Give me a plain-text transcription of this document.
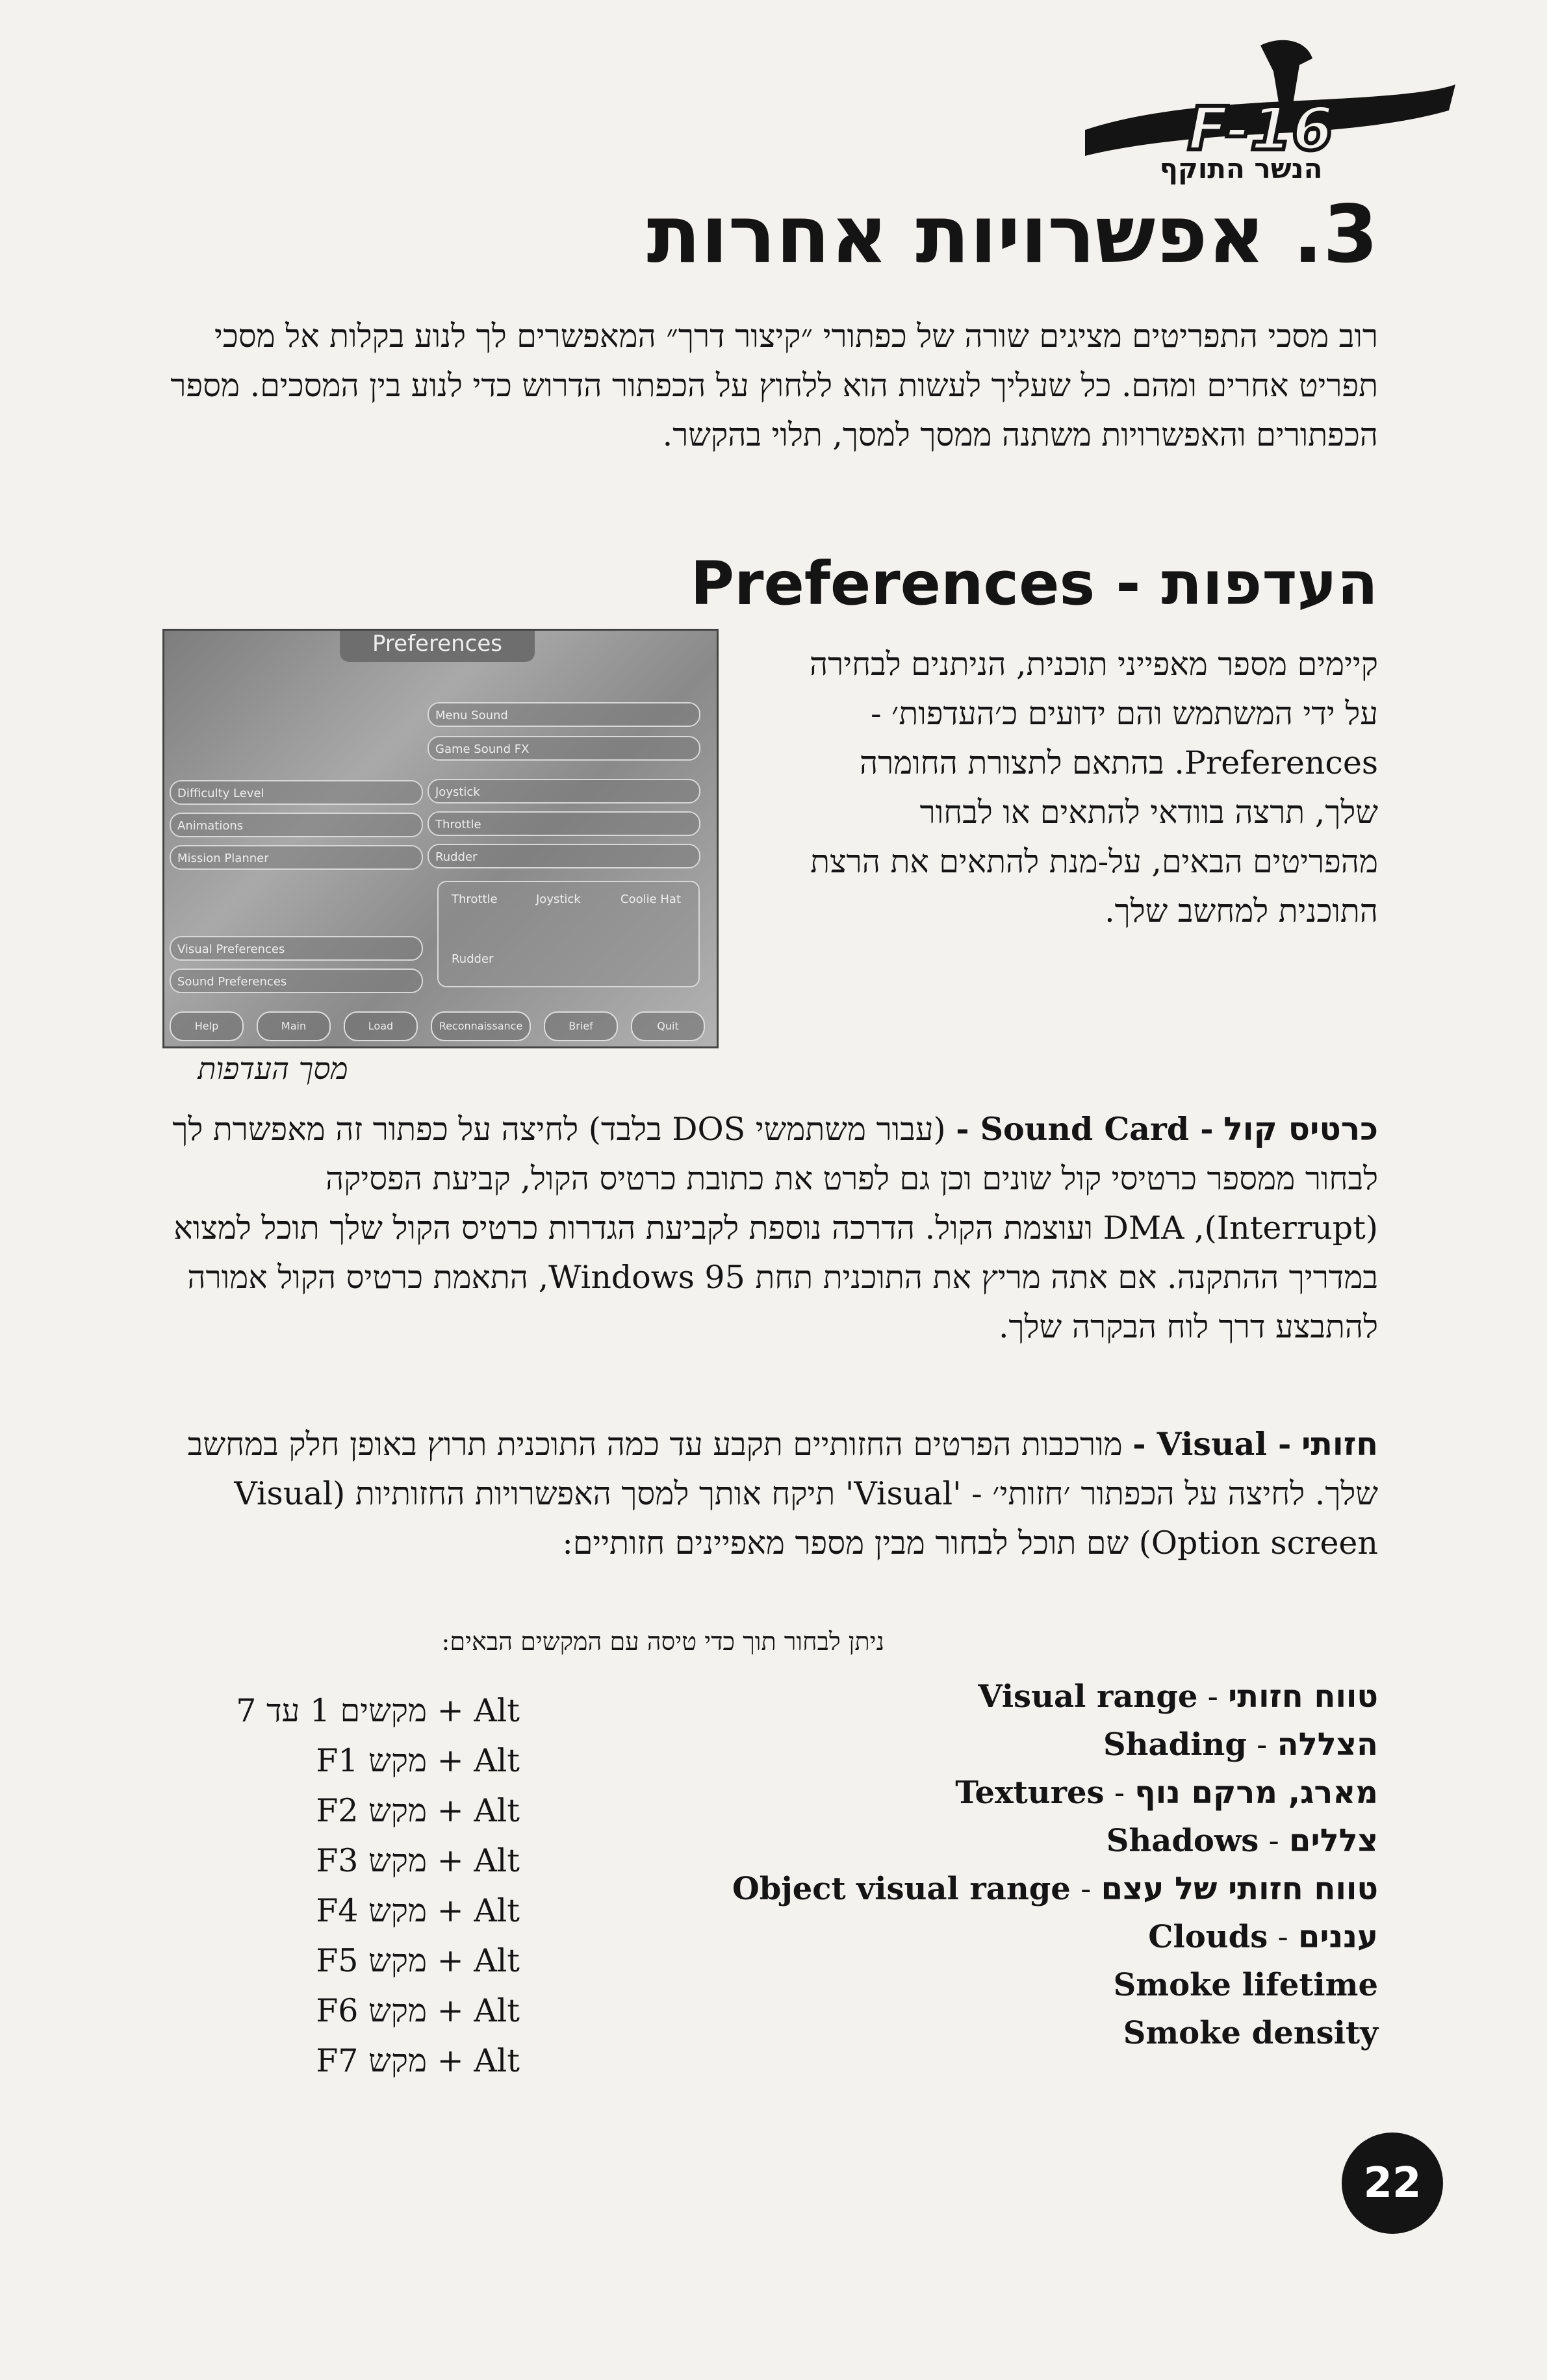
F-16
הנשר התוקף
3. אפשרויות אחרות
רוב מסכי התפריטים מציגים שורה של כפתורי ״קיצור דרך״ המאפשרים לך לנוע בקלות אל מסכי תפריט אחרים ומהם. כל שעליך לעשות הוא ללחוץ על הכפתור הדרוש כדי לנוע בין המסכים. מספר הכפתורים והאפשרויות משתנה ממסך למסך, תלוי בהקשר.
העדפות - Preferences
Preferences
Menu Sound
Game Sound FX
Difficulty Level
Animations
Mission Planner
Joystick
Throttle
Rudder
Throttle	Joystick	Coolie Hat
Rudder
Visual Preferences
Sound Preferences
Help	Main	Load	Reconnaissance	Brief	Quit
מסך העדפות
קיימים מספר מאפייני תוכנית, הניתנים לבחירה על ידי המשתמש והם ידועים כ׳העדפות׳ - Preferences. בהתאם לתצורת החומרה שלך, תרצה בוודאי להתאים או לבחור מהפריטים הבאים, על-מנת להתאים את הרצת התוכנית למחשב שלך.
כרטיס קול - Sound Card - (עבור משתמשי DOS בלבד) לחיצה על כפתור זה מאפשרת לך לבחור ממספר כרטיסי קול שונים וכן גם לפרט את כתובת כרטיס הקול, קביעת הפסיקה (Interrupt), DMA ועוצמת הקול. הדרכה נוספת לקביעת הגדרות כרטיס הקול שלך תוכל למצוא במדריך ההתקנה. אם אתה מריץ את התוכנית תחת Windows 95, התאמת כרטיס הקול אמורה להתבצע דרך לוח הבקרה שלך.
חזותי - Visual - מורכבות הפרטים החזותיים תקבע עד כמה התוכנית תרוץ באופן חלק במחשב שלך. לחיצה על הכפתור ׳חזותי׳ - 'Visual' תיקח אותך למסך האפשרויות החזותיות (Visual Option screen) שם תוכל לבחור מבין מספר מאפיינים חזותיים:
ניתן לבחור תוך כדי טיסה עם המקשים הבאים:
Alt + מקשים 1 עד 7
Alt + מקש F1
Alt + מקש F2
Alt + מקש F3
Alt + מקש F4
Alt + מקש F5
Alt + מקש F6
Alt + מקש F7
טווח חזותי - Visual range
הצללה - Shading
מארג, מרקם נוף - Textures
צללים - Shadows
טווח חזותי של עצם - Object visual range
עננים - Clouds
Smoke lifetime
Smoke density
22
